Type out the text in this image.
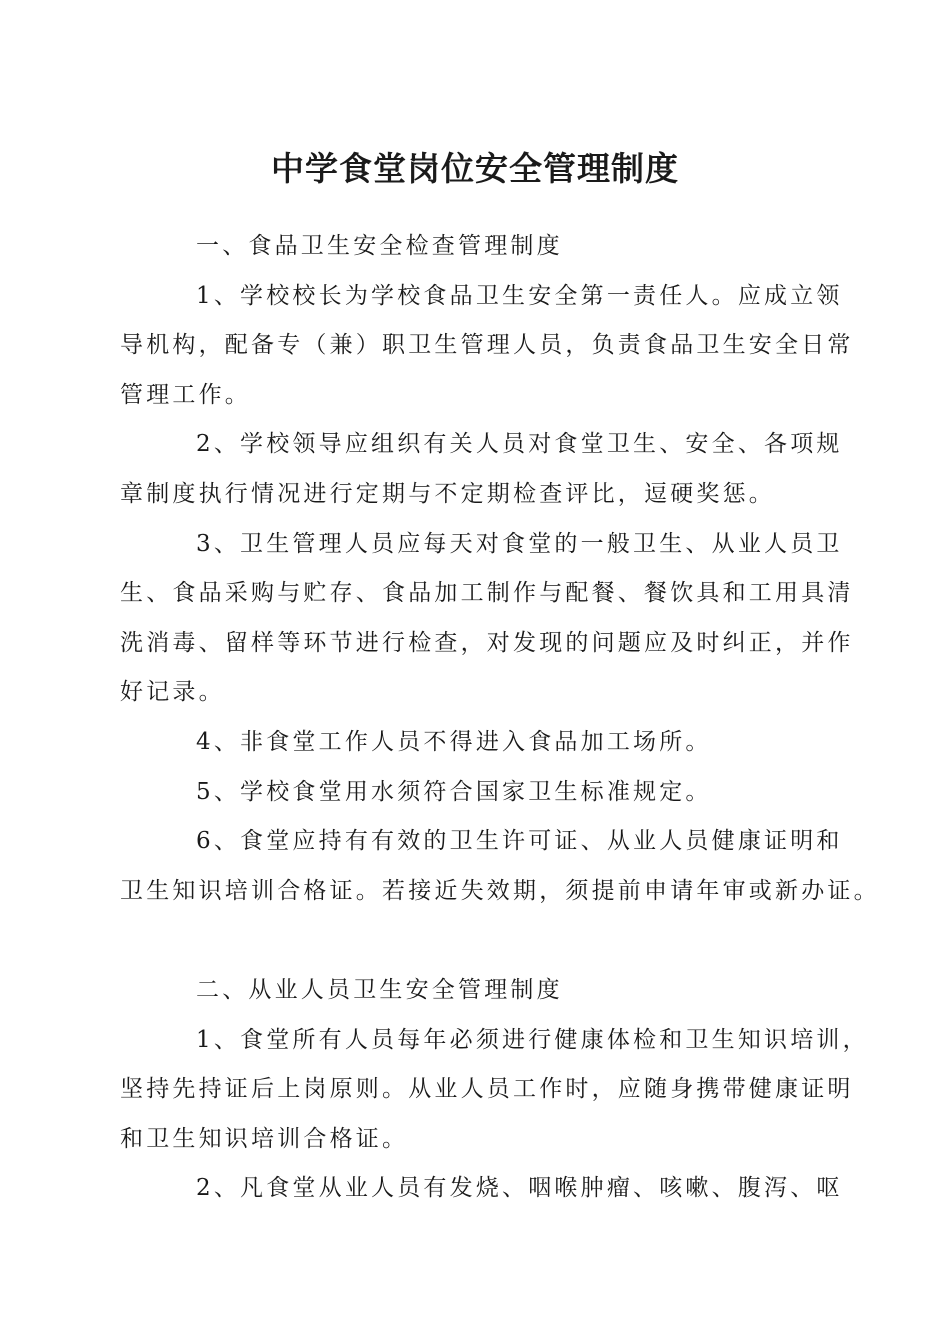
中学食堂岗位安全管理制度

一、食品卫生安全检查管理制度

1、学校校长为学校食品卫生安全第一责任人。应成立领
导机构，配备专（兼）职卫生管理人员，负责食品卫生安全日常
管理工作。

2、学校领导应组织有关人员对食堂卫生、安全、各项规
章制度执行情况进行定期与不定期检查评比，逗硬奖惩。

3、卫生管理人员应每天对食堂的一般卫生、从业人员卫
生、食品采购与贮存、食品加工制作与配餐、餐饮具和工用具清
洗消毒、留样等环节进行检查，对发现的问题应及时纠正，并作
好记录。

4、非食堂工作人员不得进入食品加工场所。

5、学校食堂用水须符合国家卫生标准规定。

6、食堂应持有有效的卫生许可证、从业人员健康证明和
卫生知识培训合格证。若接近失效期，须提前申请年审或新办证。

二、从业人员卫生安全管理制度

1、食堂所有人员每年必须进行健康体检和卫生知识培训，
坚持先持证后上岗原则。从业人员工作时，应随身携带健康证明
和卫生知识培训合格证。

2、凡食堂从业人员有发烧、咽喉肿瘤、咳嗽、腹泻、呕
